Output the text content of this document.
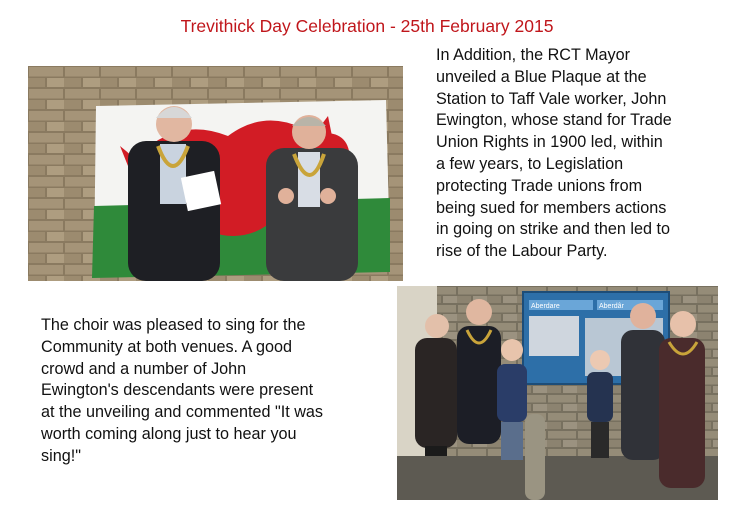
Trevithick Day Celebration - 25th February 2015
In Addition, the RCT Mayor
unveiled a Blue Plaque at the
Station to Taff Vale worker, John
Ewington, whose stand for Trade
Union Rights in 1900 led, within
a few years, to Legislation
protecting Trade unions from
being sued for members actions
in going on strike and then led to
rise of the Labour Party.
The choir was pleased to sing for the
Community at both venues. A good
crowd and a number of John
Ewington's descendants were present
at the unveiling and commented "It was
worth coming along just to hear you
sing!"
Aberdare	Aberdâr
